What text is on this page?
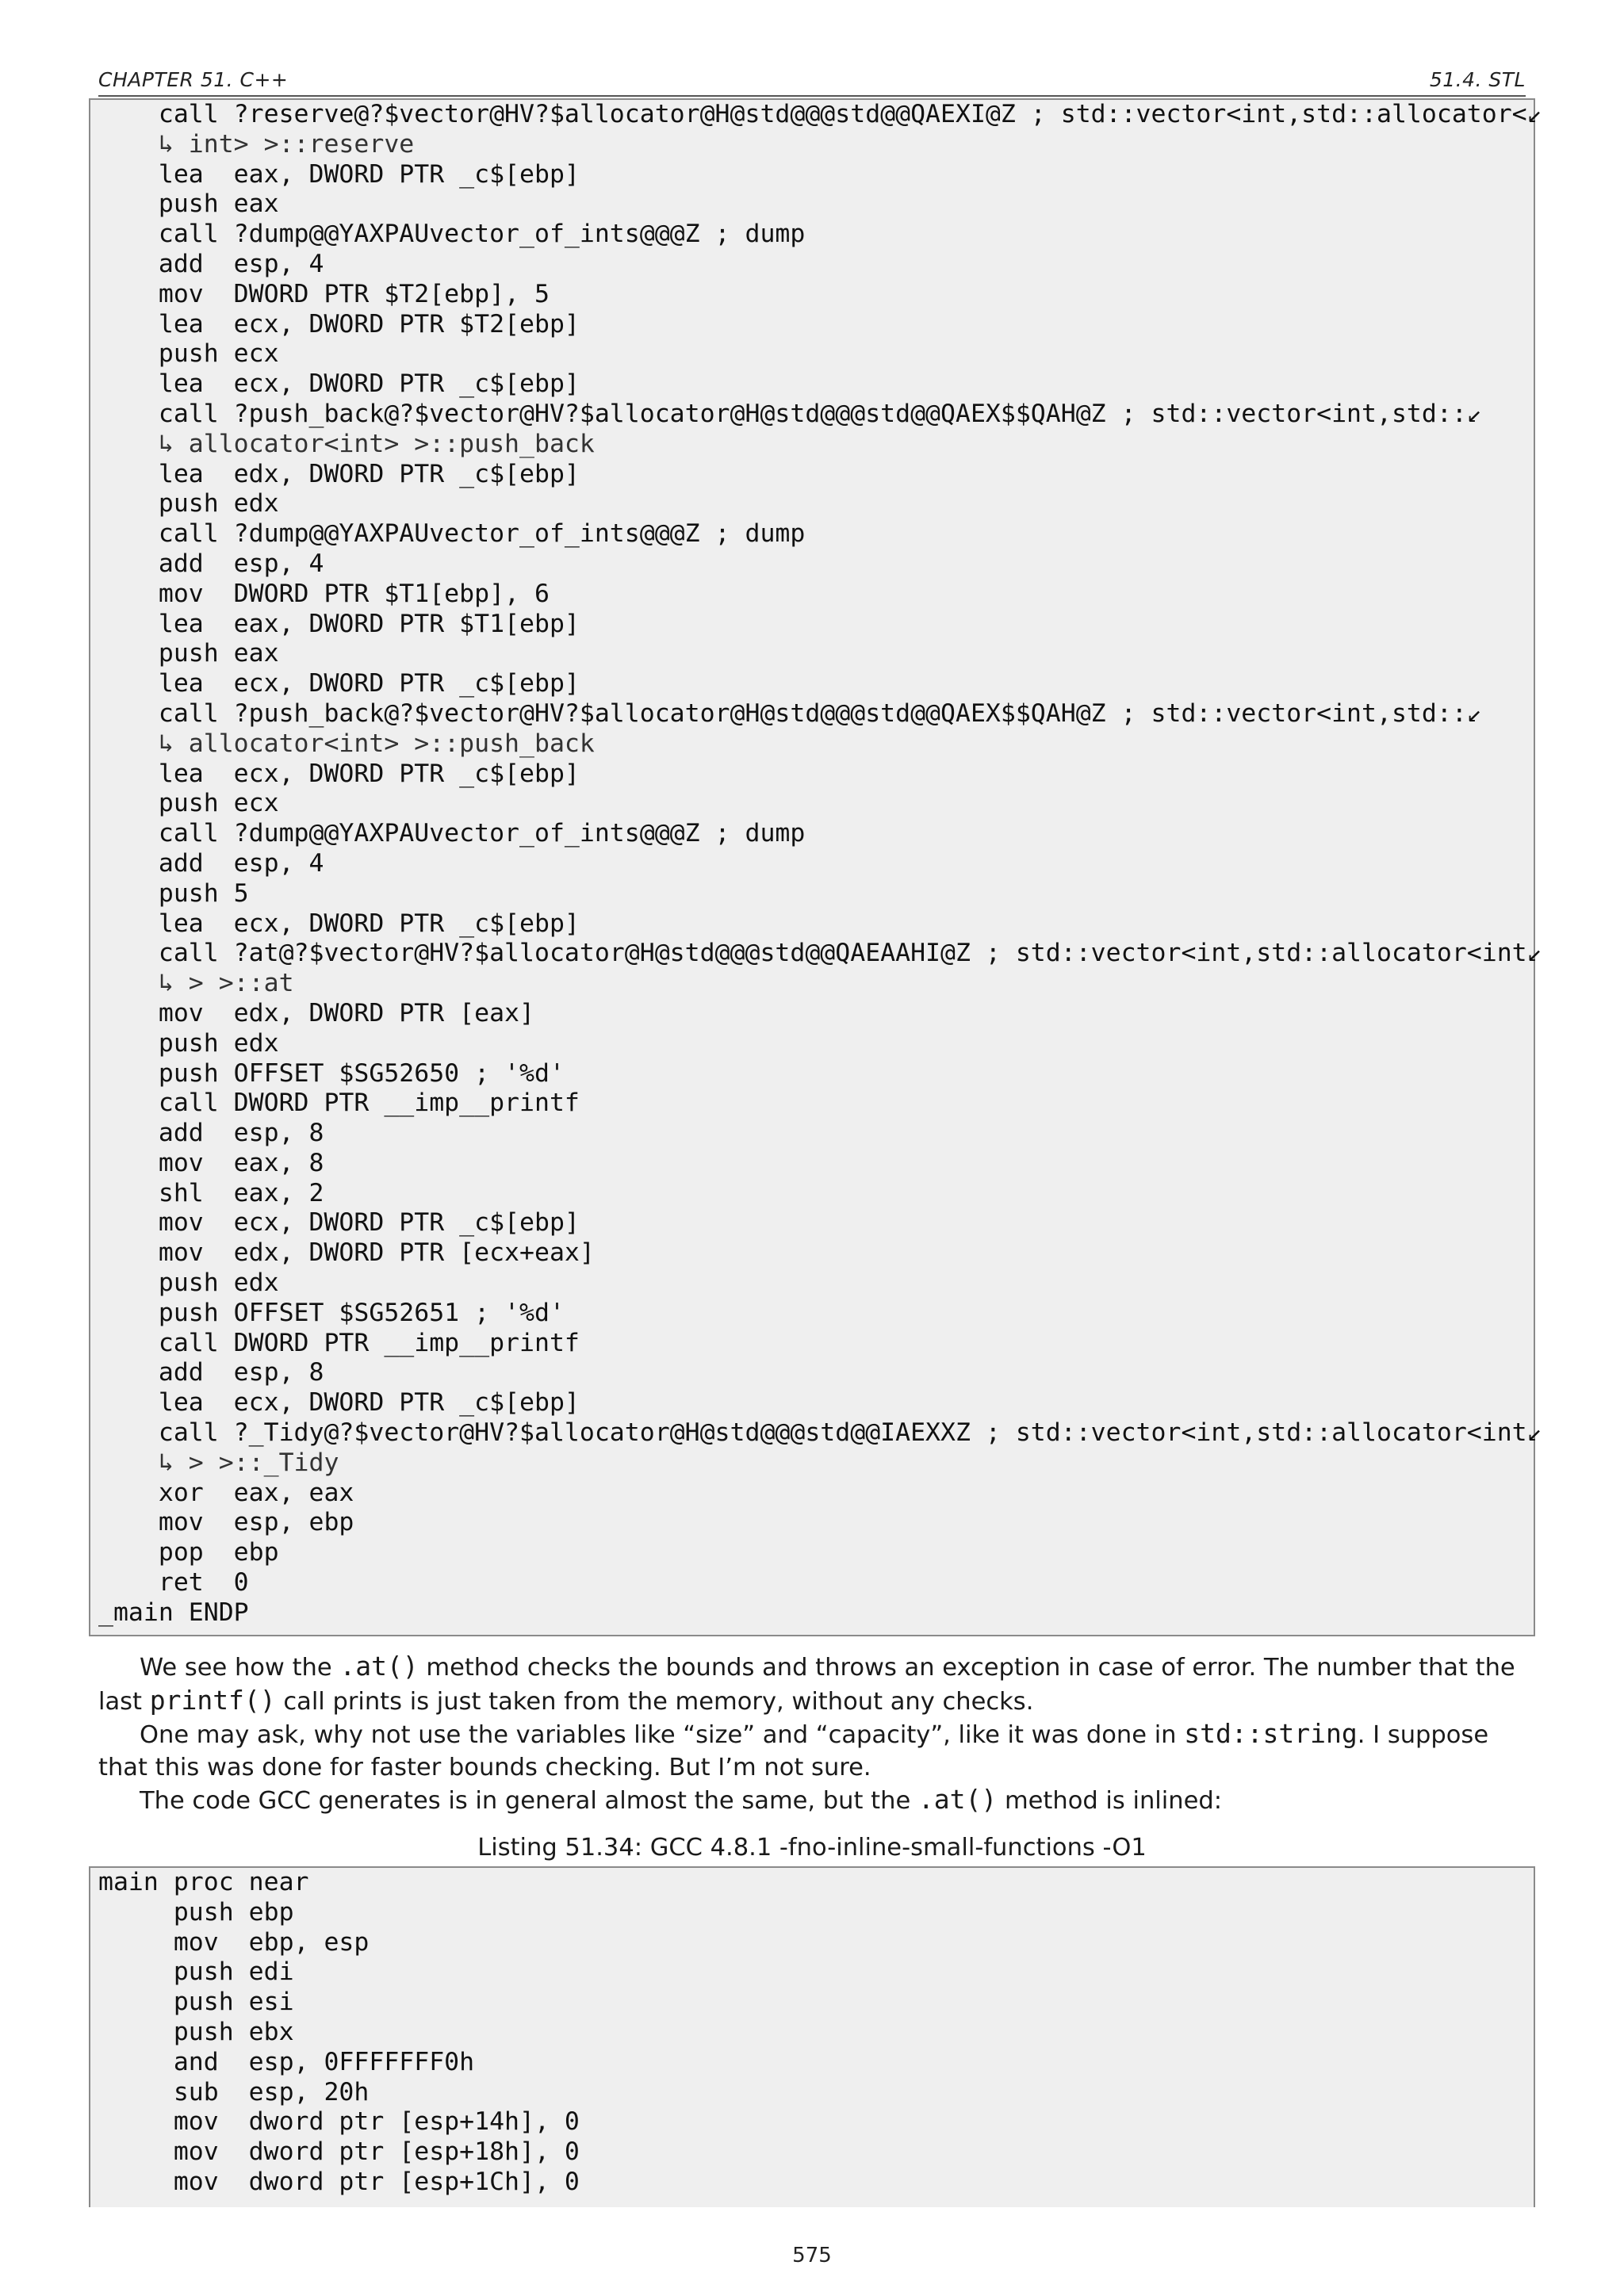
CHAPTER 51. C++	51.4. STL
call ?reserve@?$vector@HV?$allocator@H@std@@@std@@QAEXI@Z ; std::vector<int,std::allocator<↙
↳ int> >::reserve
lea  eax, DWORD PTR _c$[ebp]
push eax
call ?dump@@YAXPAUvector_of_ints@@@Z ; dump
add  esp, 4
mov  DWORD PTR $T2[ebp], 5
lea  ecx, DWORD PTR $T2[ebp]
push ecx
lea  ecx, DWORD PTR _c$[ebp]
call ?push_back@?$vector@HV?$allocator@H@std@@@std@@QAEX$$QAH@Z ; std::vector<int,std::↙
↳ allocator<int> >::push_back
lea  edx, DWORD PTR _c$[ebp]
push edx
call ?dump@@YAXPAUvector_of_ints@@@Z ; dump
add  esp, 4
mov  DWORD PTR $T1[ebp], 6
lea  eax, DWORD PTR $T1[ebp]
push eax
lea  ecx, DWORD PTR _c$[ebp]
call ?push_back@?$vector@HV?$allocator@H@std@@@std@@QAEX$$QAH@Z ; std::vector<int,std::↙
↳ allocator<int> >::push_back
lea  ecx, DWORD PTR _c$[ebp]
push ecx
call ?dump@@YAXPAUvector_of_ints@@@Z ; dump
add  esp, 4
push 5
lea  ecx, DWORD PTR _c$[ebp]
call ?at@?$vector@HV?$allocator@H@std@@@std@@QAEAAHI@Z ; std::vector<int,std::allocator<int↙
↳ > >::at
mov  edx, DWORD PTR [eax]
push edx
push OFFSET $SG52650 ; '%d'
call DWORD PTR __imp__printf
add  esp, 8
mov  eax, 8
shl  eax, 2
mov  ecx, DWORD PTR _c$[ebp]
mov  edx, DWORD PTR [ecx+eax]
push edx
push OFFSET $SG52651 ; '%d'
call DWORD PTR __imp__printf
add  esp, 8
lea  ecx, DWORD PTR _c$[ebp]
call ?_Tidy@?$vector@HV?$allocator@H@std@@@std@@IAEXXZ ; std::vector<int,std::allocator<int↙
↳ > >::_Tidy
xor  eax, eax
mov  esp, ebp
pop  ebp
ret  0
_main ENDP

We see how the .at() method checks the bounds and throws an exception in case of error. The number that the last printf() call prints is just taken from the memory, without any checks.

One may ask, why not use the variables like “size” and “capacity”, like it was done in std::string. I suppose that this was done for faster bounds checking. But I’m not sure.

The code GCC generates is in general almost the same, but the .at() method is inlined:

Listing 51.34: GCC 4.8.1 -fno-inline-small-functions -O1
main proc near
push ebp
mov  ebp, esp
push edi
push esi
push ebx
and  esp, 0FFFFFFF0h
sub  esp, 20h
mov  dword ptr [esp+14h], 0
mov  dword ptr [esp+18h], 0
mov  dword ptr [esp+1Ch], 0
575
